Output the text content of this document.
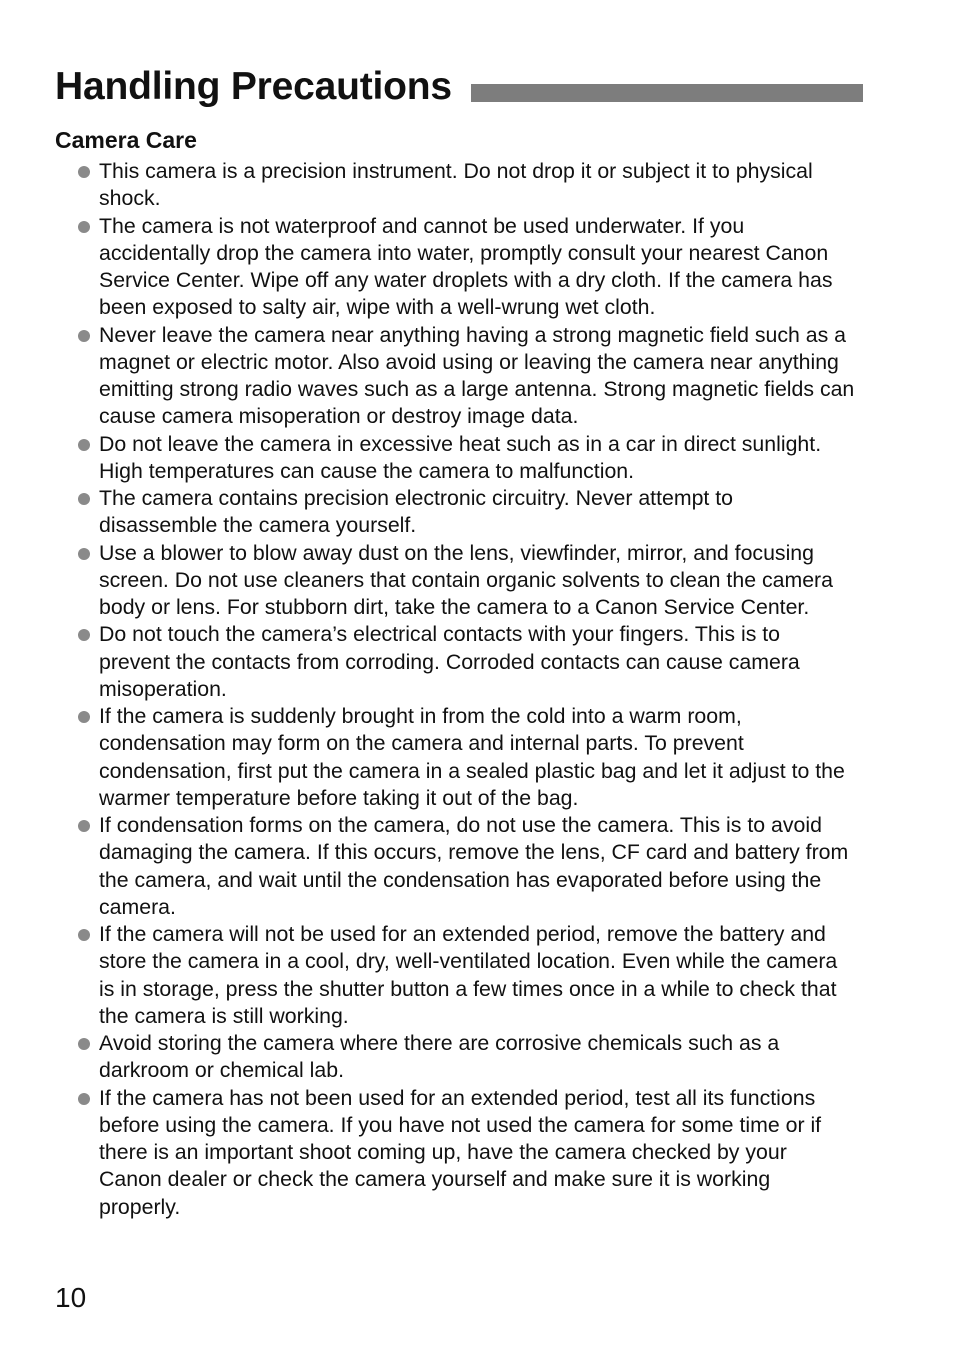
Handling Precautions
Camera Care
This camera is a precision instrument. Do not drop it or subject it to physical shock.
The camera is not waterproof and cannot be used underwater. If you accidentally drop the camera into water, promptly consult your nearest Canon Service Center. Wipe off any water droplets with a dry cloth. If the camera has been exposed to salty air, wipe with a well-wrung wet cloth.
Never leave the camera near anything having a strong magnetic field such as a magnet or electric motor. Also avoid using or leaving the camera near anything emitting strong radio waves such as a large antenna. Strong magnetic fields can cause camera misoperation or destroy image data.
Do not leave the camera in excessive heat such as in a car in direct sunlight. High temperatures can cause the camera to malfunction.
The camera contains precision electronic circuitry. Never attempt to disassemble the camera yourself.
Use a blower to blow away dust on the lens, viewfinder, mirror, and focusing screen. Do not use cleaners that contain organic solvents to clean the camera body or lens. For stubborn dirt, take the camera to a Canon Service Center.
Do not touch the camera’s electrical contacts with your fingers. This is to prevent the contacts from corroding. Corroded contacts can cause camera misoperation.
If the camera is suddenly brought in from the cold into a warm room, condensation may form on the camera and internal parts. To prevent condensation, first put the camera in a sealed plastic bag and let it adjust to the warmer temperature before taking it out of the bag.
If condensation forms on the camera, do not use the camera. This is to avoid damaging the camera. If this occurs, remove the lens, CF card and battery from the camera, and wait until the condensation has evaporated before using the camera.
If the camera will not be used for an extended period, remove the battery and store the camera in a cool, dry, well-ventilated location. Even while the camera is in storage, press the shutter button a few times once in a while to check that the camera is still working.
Avoid storing the camera where there are corrosive chemicals such as a darkroom or chemical lab.
If the camera has not been used for an extended period, test all its functions before using the camera. If you have not used the camera for some time or if there is an important shoot coming up, have the camera checked by your Canon dealer or check the camera yourself and make sure it is working properly.
10
